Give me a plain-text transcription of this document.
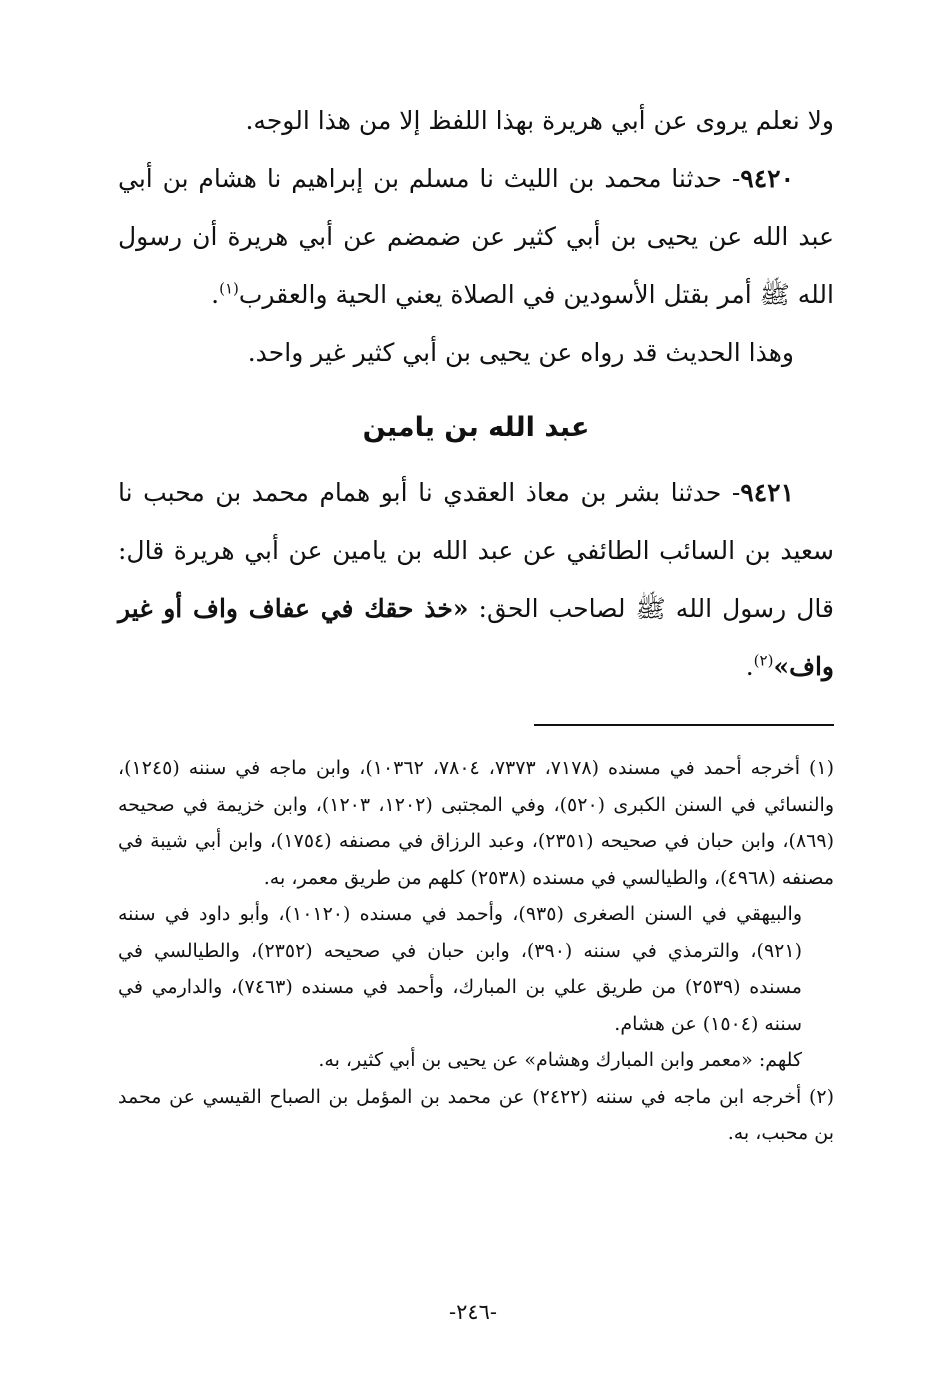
ولا نعلم يروى عن أبي هريرة بهذا اللفظ إلا من هذا الوجه.

٩٤٢٠- حدثنا محمد بن الليث نا مسلم بن إبراهيم نا هشام بن أبي عبد الله عن يحيى بن أبي كثير عن ضمضم عن أبي هريرة أن رسول الله ﷺ أمر بقتل الأسودين في الصلاة يعني الحية والعقرب$^{(١)}$.

وهذا الحديث قد رواه عن يحيى بن أبي كثير غير واحد.

عبد الله بن يامين

٩٤٢١- حدثنا بشر بن معاذ العقدي نا أبو همام محمد بن محبب نا سعيد بن السائب الطائفي عن عبد الله بن يامين عن أبي هريرة قال: قال رسول الله ﷺ لصاحب الحق: «خذ حقك في عفاف واف أو غير واف»$^{(٢)}$.

(١) أخرجه أحمد في مسنده (٧١٧٨، ٧٣٧٣، ٧٨٠٤، ١٠٣٦٢)، وابن ماجه في سننه (١٢٤٥)، والنسائي في السنن الكبرى (٥٢٠)، وفي المجتبى (١٢٠٢، ١٢٠٣)، وابن خزيمة في صحيحه (٨٦٩)، وابن حبان في صحيحه (٢٣٥١)، وعبد الرزاق في مصنفه (١٧٥٤)، وابن أبي شيبة في مصنفه (٤٩٦٨)، والطيالسي في مسنده (٢٥٣٨) كلهم من طريق معمر، به.

والبيهقي في السنن الصغرى (٩٣٥)، وأحمد في مسنده (١٠١٢٠)، وأبو داود في سننه (٩٢١)، والترمذي في سننه (٣٩٠)، وابن حبان في صحيحه (٢٣٥٢)، والطيالسي في مسنده (٢٥٣٩) من طريق علي بن المبارك، وأحمد في مسنده (٧٤٦٣)، والدارمي في سننه (١٥٠٤) عن هشام.

كلهم: «معمر وابن المبارك وهشام» عن يحيى بن أبي كثير، به.

(٢) أخرجه ابن ماجه في سننه (٢٤٢٢) عن محمد بن المؤمل بن الصباح القيسي عن محمد بن محبب، به.

-٢٤٦-
